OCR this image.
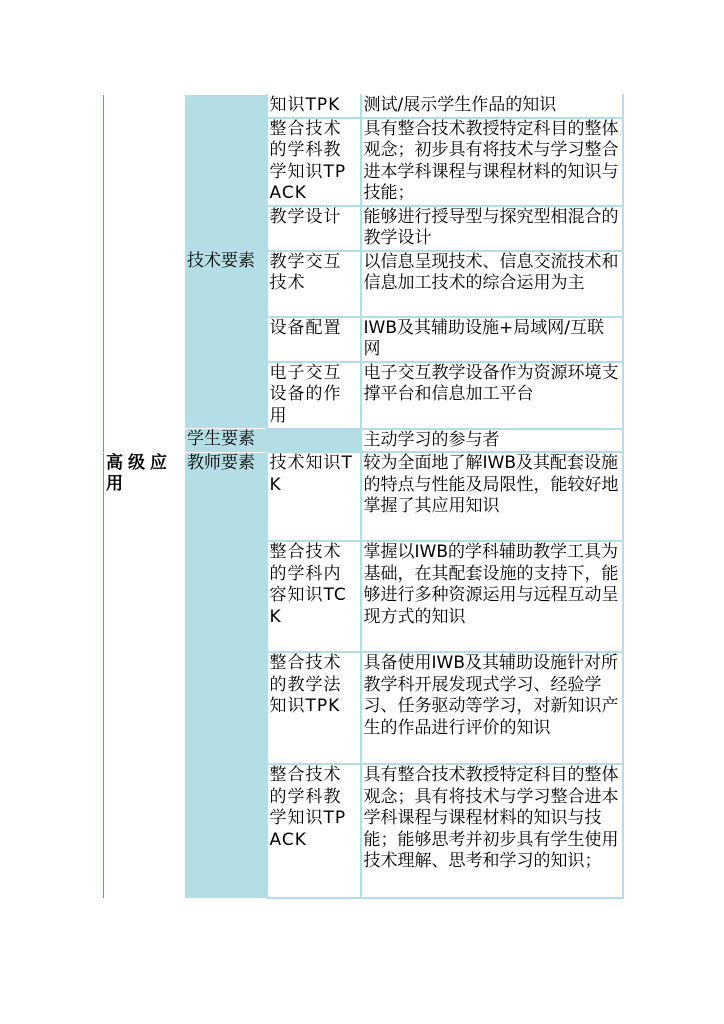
	技术要素	知识TPK	测试/展示学生作品的知识
		整合技术的学科教学知识TPACK	具有整合技术教授特定科目的整体观念；初步具有将技术与学习整合进本学科课程与课程材料的知识与技能；
		教学设计	能够进行授导型与探究型相混合的教学设计
		教学交互技术	以信息呈现技术、信息交流技术和信息加工技术的综合运用为主
		设备配置	IWB及其辅助设施+局域网/互联网
		电子交互设备的作用	电子交互教学设备作为资源环境支撑平台和信息加工平台
	学生要素		主动学习的参与者
高级应用	教师要素	技术知识TK	较为全面地了解IWB及其配套设施的特点与性能及局限性，能较好地掌握了其应用知识
		整合技术的学科内容知识TCK	掌握以IWB的学科辅助教学工具为基础，在其配套设施的支持下，能够进行多种资源运用与远程互动呈现方式的知识
		整合技术的教学法知识TPK	具备使用IWB及其辅助设施针对所教学科开展发现式学习、经验学习、任务驱动等学习，对新知识产生的作品进行评价的知识
		整合技术的学科教学知识TPACK	具有整合技术教授特定科目的整体观念；具有将技术与学习整合进本学科课程与课程材料的知识与技能；能够思考并初步具有学生使用技术理解、思考和学习的知识；
